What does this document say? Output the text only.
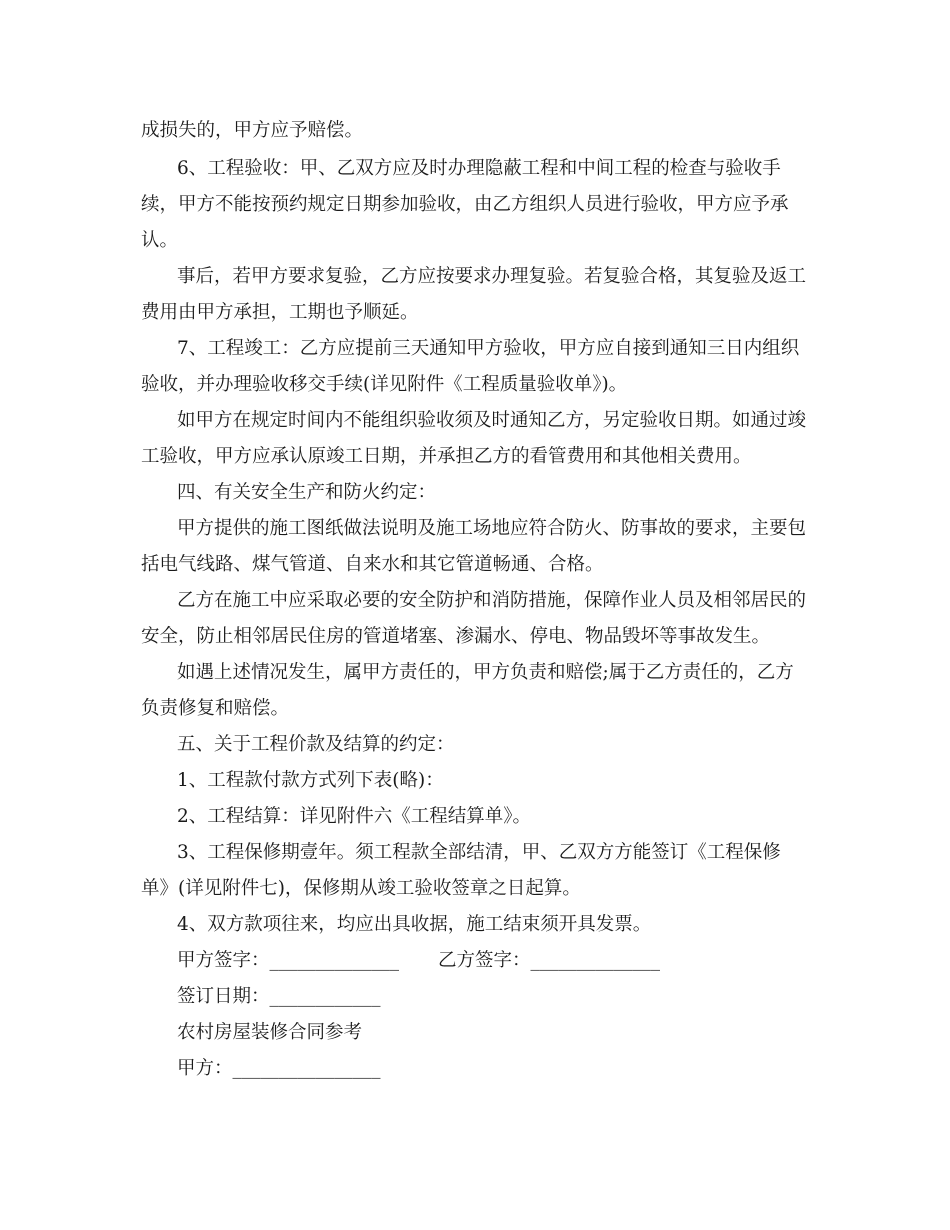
成损失的，甲方应予赔偿。
6、工程验收：甲、乙双方应及时办理隐蔽工程和中间工程的检查与验收手
续，甲方不能按预约规定日期参加验收，由乙方组织人员进行验收，甲方应予承
认。
事后，若甲方要求复验，乙方应按要求办理复验。若复验合格，其复验及返工
费用由甲方承担，工期也予顺延。
7、工程竣工：乙方应提前三天通知甲方验收，甲方应自接到通知三日内组织
验收，并办理验收移交手续(详见附件《工程质量验收单》)。
如甲方在规定时间内不能组织验收须及时通知乙方，另定验收日期。如通过竣
工验收，甲方应承认原竣工日期，并承担乙方的看管费用和其他相关费用。
四、有关安全生产和防火约定：
甲方提供的施工图纸做法说明及施工场地应符合防火、防事故的要求，主要包
括电气线路、煤气管道、自来水和其它管道畅通、合格。
乙方在施工中应采取必要的安全防护和消防措施，保障作业人员及相邻居民的
安全，防止相邻居民住房的管道堵塞、渗漏水、停电、物品毁坏等事故发生。
如遇上述情况发生，属甲方责任的，甲方负责和赔偿;属于乙方责任的，乙方
负责修复和赔偿。
五、关于工程价款及结算的约定：
1、工程款付款方式列下表(略)：
2、工程结算：详见附件六《工程结算单》。
3、工程保修期壹年。须工程款全部结清，甲、乙双方方能签订《工程保修
单》(详见附件七)，保修期从竣工验收签章之日起算。
4、双方款项往来，均应出具收据，施工结束须开具发票。
甲方签字：______________ 乙方签字：______________
签订日期：____________
农村房屋装修合同参考
甲方：________________
